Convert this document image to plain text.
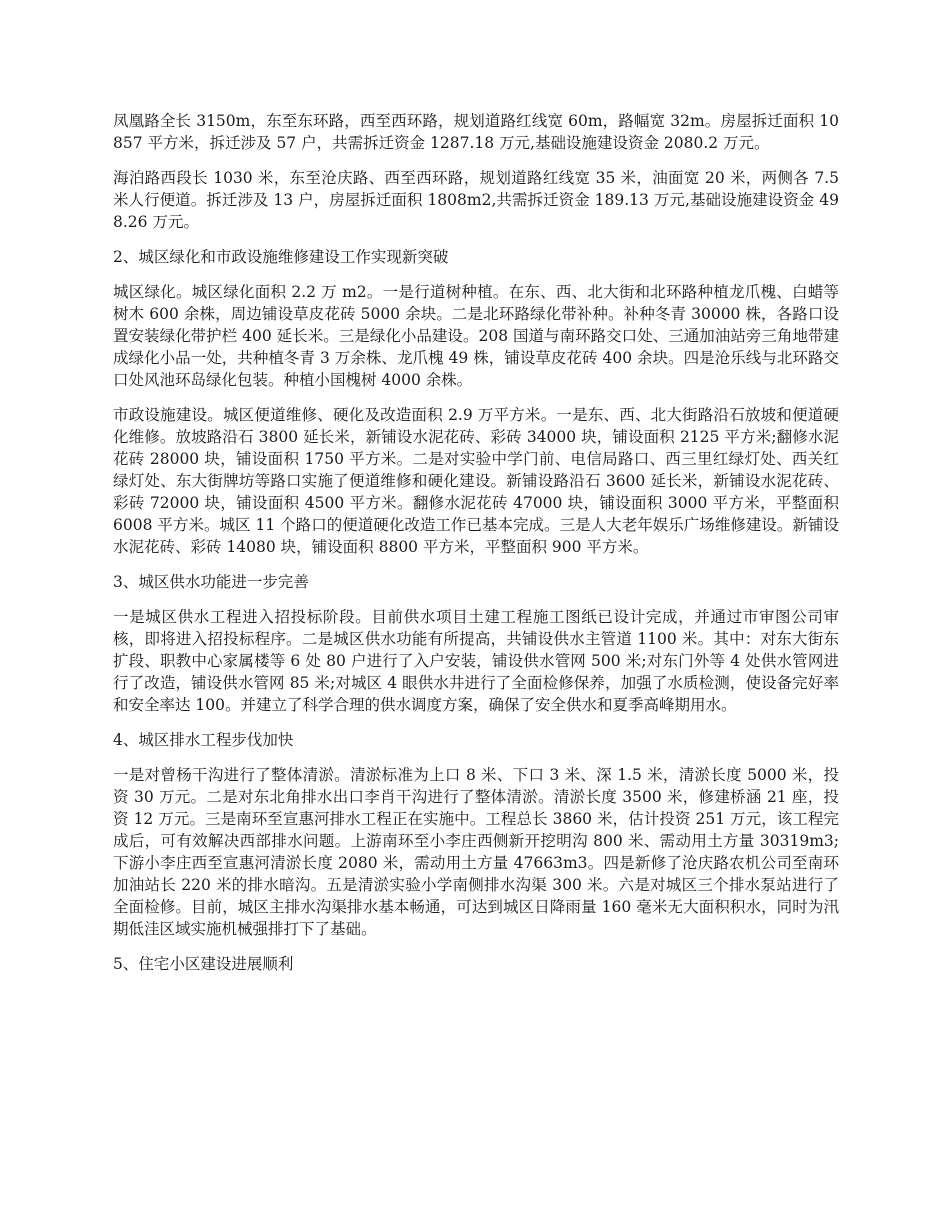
凤凰路全长 3150m，东至东环路，西至西环路，规划道路红线宽 60m，路幅宽 32m。房屋拆迁面积 10857 平方米，拆迁涉及 57 户，共需拆迁资金 1287.18 万元,基础设施建设资金 2080.2 万元。

海泊路西段长 1030 米，东至沧庆路、西至西环路，规划道路红线宽 35 米，油面宽 20 米，两侧各 7.5 米人行便道。拆迁涉及 13 户，房屋拆迁面积 1808m2,共需拆迁资金 189.13 万元,基础设施建设资金 498.26 万元。

2、城区绿化和市政设施维修建设工作实现新突破

城区绿化。城区绿化面积 2.2 万 m2。一是行道树种植。在东、西、北大街和北环路种植龙爪槐、白蜡等树木 600 余株，周边铺设草皮花砖 5000 余块。二是北环路绿化带补种。补种冬青 30000 株，各路口设置安装绿化带护栏 400 延长米。三是绿化小品建设。208 国道与南环路交口处、三通加油站旁三角地带建成绿化小品一处，共种植冬青 3 万余株、龙爪槐 49 株，铺设草皮花砖 400 余块。四是沧乐线与北环路交口处风池环岛绿化包装。种植小国槐树 4000 余株。

市政设施建设。城区便道维修、硬化及改造面积 2.9 万平方米。一是东、西、北大街路沿石放坡和便道硬化维修。放坡路沿石 3800 延长米，新铺设水泥花砖、彩砖 34000 块，铺设面积 2125 平方米;翻修水泥花砖 28000 块，铺设面积 1750 平方米。二是对实验中学门前、电信局路口、西三里红绿灯处、西关红绿灯处、东大街牌坊等路口实施了便道维修和硬化建设。新铺设路沿石 3600 延长米，新铺设水泥花砖、彩砖 72000 块，铺设面积 4500 平方米。翻修水泥花砖 47000 块，铺设面积 3000 平方米，平整面积 6008 平方米。城区 11 个路口的便道硬化改造工作已基本完成。三是人大老年娱乐广场维修建设。新铺设水泥花砖、彩砖 14080 块，铺设面积 8800 平方米，平整面积 900 平方米。

3、城区供水功能进一步完善

一是城区供水工程进入招投标阶段。目前供水项目土建工程施工图纸已设计完成，并通过市审图公司审核，即将进入招投标程序。二是城区供水功能有所提高，共铺设供水主管道 1100 米。其中：对东大街东扩段、职教中心家属楼等 6 处 80 户进行了入户安装，铺设供水管网 500 米;对东门外等 4 处供水管网进行了改造，铺设供水管网 85 米;对城区 4 眼供水井进行了全面检修保养，加强了水质检测，使设备完好率和安全率达 100。并建立了科学合理的供水调度方案，确保了安全供水和夏季高峰期用水。

4、城区排水工程步伐加快

一是对曾杨干沟进行了整体清淤。清淤标准为上口 8 米、下口 3 米、深 1.5 米，清淤长度 5000 米，投资 30 万元。二是对东北角排水出口李肖干沟进行了整体清淤。清淤长度 3500 米，修建桥涵 21 座，投资 12 万元。三是南环至宣惠河排水工程正在实施中。工程总长 3860 米，估计投资 251 万元，该工程完成后，可有效解决西部排水问题。上游南环至小李庄西侧新开挖明沟 800 米、需动用土方量 30319m3;下游小李庄西至宣惠河清淤长度 2080 米，需动用土方量 47663m3。四是新修了沧庆路农机公司至南环加油站长 220 米的排水暗沟。五是清淤实验小学南侧排水沟渠 300 米。六是对城区三个排水泵站进行了全面检修。目前，城区主排水沟渠排水基本畅通，可达到城区日降雨量 160 毫米无大面积积水，同时为汛期低洼区域实施机械强排打下了基础。

5、住宅小区建设进展顺利
